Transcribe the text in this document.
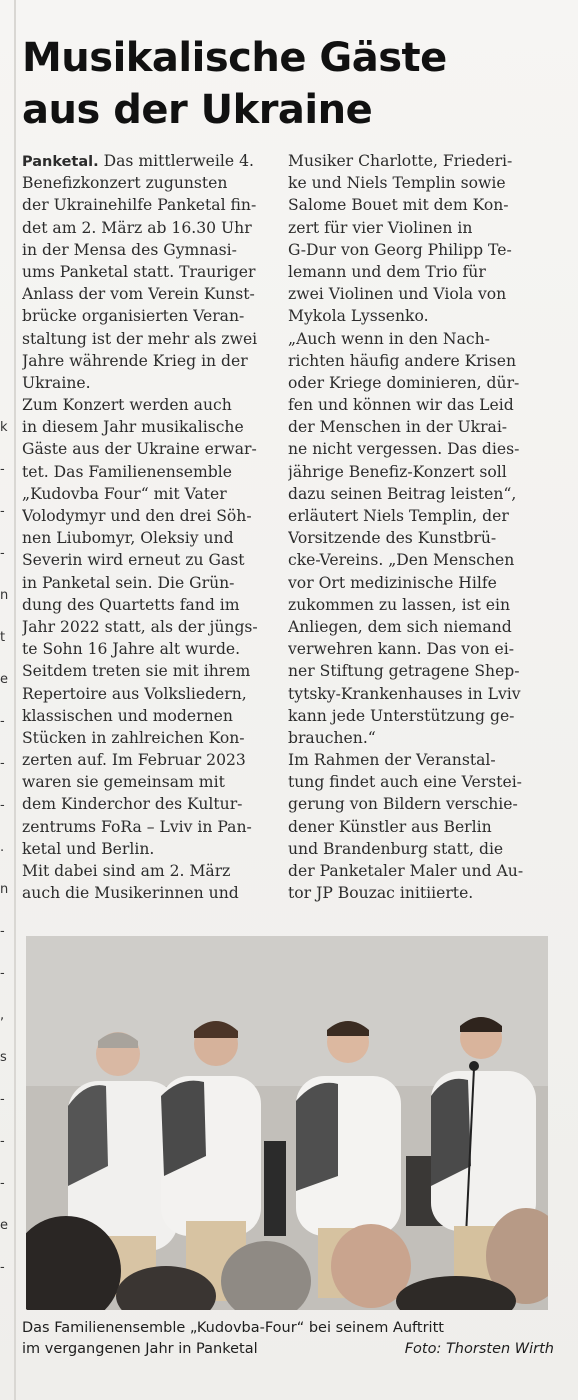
k
-
-
-
n
t
e
-
-
-
.
n
-
-
,
s
-
-
-
e
-
Musikalische Gäste
aus der Ukraine
Panketal. Das mittlerweile 4.
Benefizkonzert zugunsten
der Ukrainehilfe Panketal fin-
det am 2. März ab 16.30 Uhr
in der Mensa des Gymnasi-
ums Panketal statt. Trauriger
Anlass der vom Verein Kunst-
brücke organisierten Veran-
staltung ist der mehr als zwei
Jahre währende Krieg in der
Ukraine.
Zum Konzert werden auch
in diesem Jahr musikalische
Gäste aus der Ukraine erwar-
tet. Das Familienensemble
„Kudovba Four“ mit Vater
Volodymyr und den drei Söh-
nen Liubomyr, Oleksiy und
Severin wird erneut zu Gast
in Panketal sein. Die Grün-
dung des Quartetts fand im
Jahr 2022 statt, als der jüngs-
te Sohn 16 Jahre alt wurde.
Seitdem treten sie mit ihrem
Repertoire aus Volksliedern,
klassischen und modernen
Stücken in zahlreichen Kon-
zerten auf. Im Februar 2023
waren sie gemeinsam mit
dem Kinderchor des Kultur-
zentrums FoRa – Lviv in Pan-
ketal und Berlin.
Mit dabei sind am 2. März
auch die Musikerinnen und
Musiker Charlotte, Friederi-
ke und Niels Templin sowie
Salome Bouet mit dem Kon-
zert für vier Violinen in
G-Dur von Georg Philipp Te-
lemann und dem Trio für
zwei Violinen und Viola von
Mykola Lyssenko.
„Auch wenn in den Nach-
richten häufig andere Krisen
oder Kriege dominieren, dür-
fen und können wir das Leid
der Menschen in der Ukrai-
ne nicht vergessen. Das dies-
jährige Benefiz-Konzert soll
dazu seinen Beitrag leisten“,
erläutert Niels Templin, der
Vorsitzende des Kunstbrü-
cke-Vereins. „Den Menschen
vor Ort medizinische Hilfe
zukommen zu lassen, ist ein
Anliegen, dem sich niemand
verwehren kann. Das von ei-
ner Stiftung getragene Shep-
tytsky-Krankenhauses in Lviv
kann jede Unterstützung ge-
brauchen.“
Im Rahmen der Veranstal-
tung findet auch eine Verstei-
gerung von Bildern verschie-
dener Künstler aus Berlin
und Brandenburg statt, die
der Panketaler Maler und Au-
tor JP Bouzac initiierte.
Das Familienensemble „Kudovba-Four“ bei seinem Auftritt
im vergangenen Jahr in Panketal	Foto: Thorsten Wirth
